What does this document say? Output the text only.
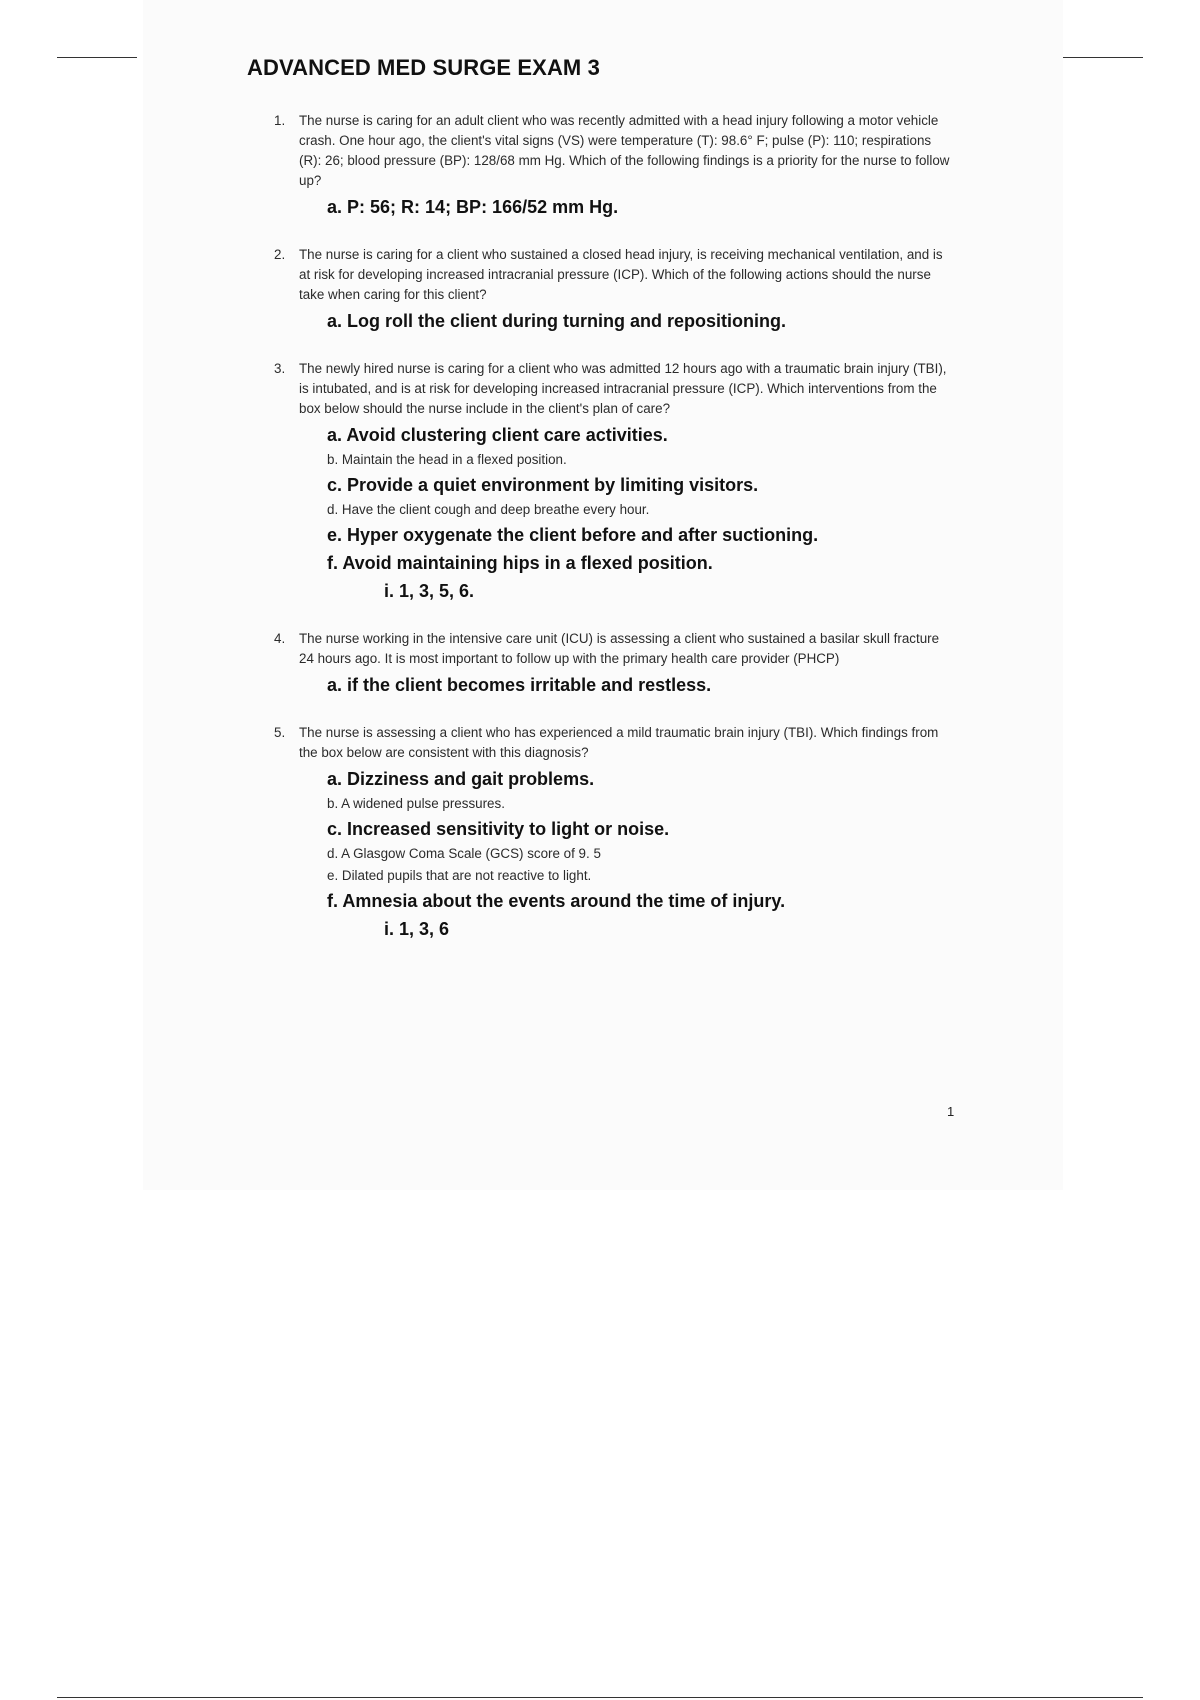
ADVANCED MED SURGE EXAM 3
1. The nurse is caring for an adult client who was recently admitted with a head injury following a motor vehicle crash. One hour ago, the client's vital signs (VS) were temperature (T): 98.6° F; pulse (P): 110; respirations (R): 26; blood pressure (BP): 128/68 mm Hg. Which of the following findings is a priority for the nurse to follow up?
a. P: 56; R: 14; BP: 166/52 mm Hg.
2. The nurse is caring for a client who sustained a closed head injury, is receiving mechanical ventilation, and is at risk for developing increased intracranial pressure (ICP). Which of the following actions should the nurse take when caring for this client?
a. Log roll the client during turning and repositioning.
3. The newly hired nurse is caring for a client who was admitted 12 hours ago with a traumatic brain injury (TBI), is intubated, and is at risk for developing increased intracranial pressure (ICP). Which interventions from the box below should the nurse include in the client's plan of care?
a. Avoid clustering client care activities.
b. Maintain the head in a flexed position.
c. Provide a quiet environment by limiting visitors.
d. Have the client cough and deep breathe every hour.
e. Hyper oxygenate the client before and after suctioning.
f. Avoid maintaining hips in a flexed position.
i. 1, 3, 5, 6.
4. The nurse working in the intensive care unit (ICU) is assessing a client who sustained a basilar skull fracture 24 hours ago. It is most important to follow up with the primary health care provider (PHCP)
a. if the client becomes irritable and restless.
5. The nurse is assessing a client who has experienced a mild traumatic brain injury (TBI). Which findings from the box below are consistent with this diagnosis?
a. Dizziness and gait problems.
b. A widened pulse pressures.
c. Increased sensitivity to light or noise.
d. A Glasgow Coma Scale (GCS) score of 9. 5
e. Dilated pupils that are not reactive to light.
f. Amnesia about the events around the time of injury.
i. 1, 3, 6
1
